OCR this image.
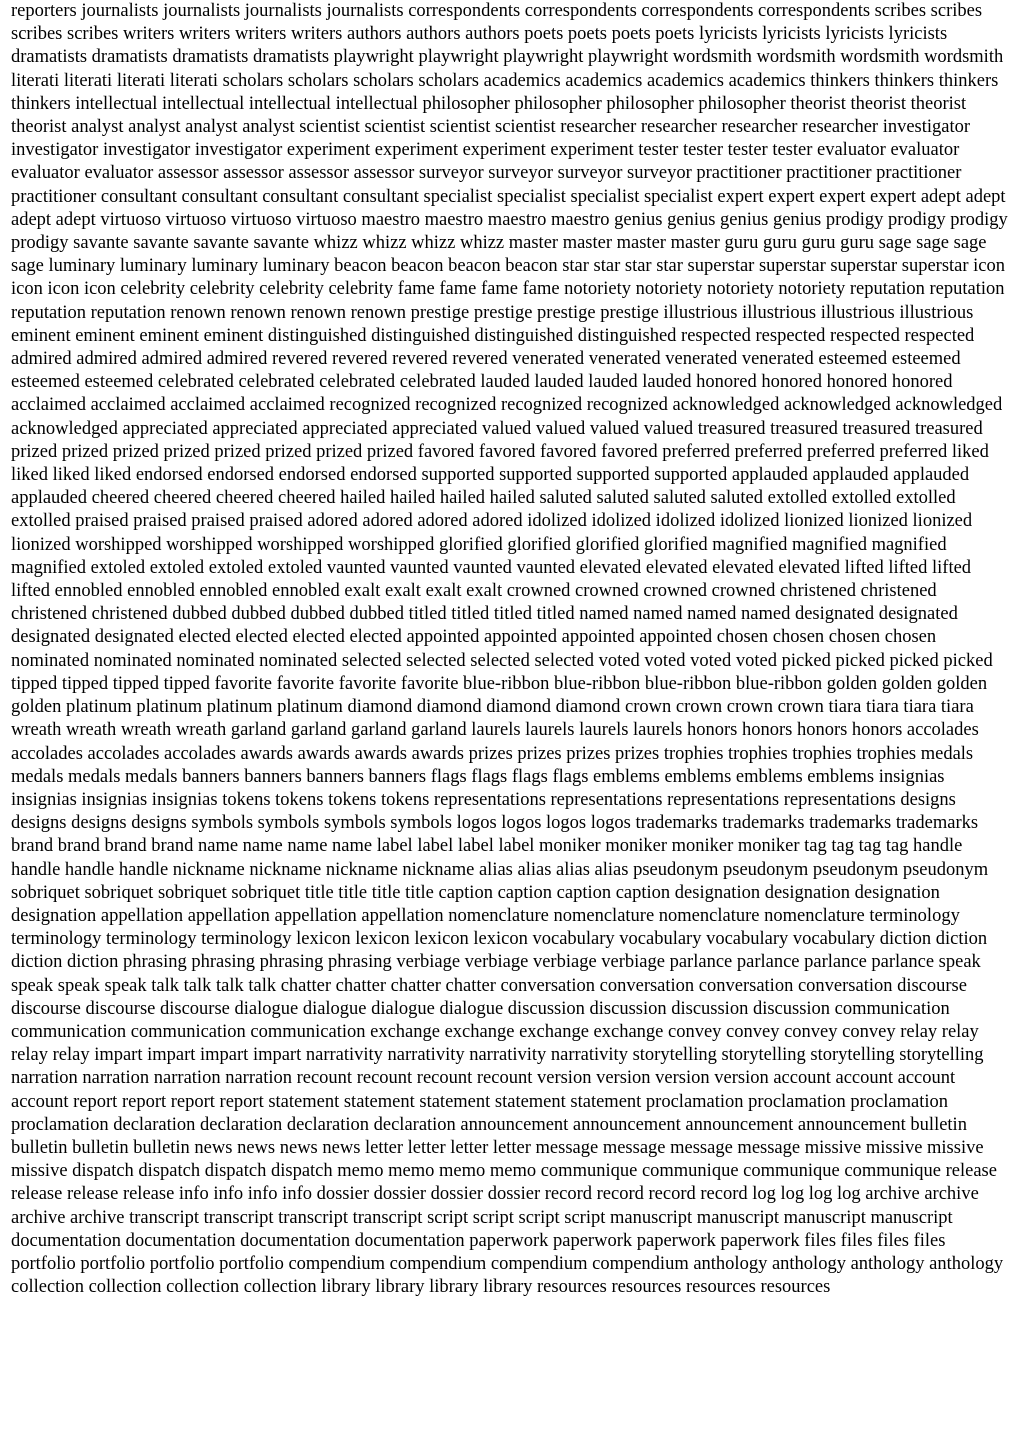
reporters journalists journalists journalists journalists correspondents correspondents correspondents correspondents scribes scribes scribes scribes writers writers writers writers authors authors authors poets poets poets poets lyricists lyricists lyricists lyricists dramatists dramatists dramatists dramatists playwright playwright playwright playwright wordsmith wordsmith wordsmith wordsmith literati literati literati literati scholars scholars scholars scholars academics academics academics academics thinkers thinkers thinkers thinkers intellectual intellectual intellectual intellectual philosopher philosopher philosopher philosopher theorist theorist theorist theorist analyst analyst analyst analyst scientist scientist scientist scientist researcher researcher researcher researcher investigator investigator investigator investigator experiment experiment experiment experiment tester tester tester tester evaluator evaluator evaluator evaluator assessor assessor assessor assessor surveyor surveyor surveyor surveyor practitioner practitioner practitioner practitioner consultant consultant consultant consultant specialist specialist specialist specialist expert expert expert expert adept adept adept adept virtuoso virtuoso virtuoso virtuoso maestro maestro maestro maestro genius genius genius genius prodigy prodigy prodigy prodigy savante savante savante savante whizz whizz whizz whizz master master master master guru guru guru guru sage sage sage sage luminary luminary luminary luminary beacon beacon beacon beacon star star star star superstar superstar superstar superstar icon icon icon icon celebrity celebrity celebrity celebrity fame fame fame fame notoriety notoriety notoriety notoriety reputation reputation reputation reputation renown renown renown renown prestige prestige prestige prestige illustrious illustrious illustrious illustrious eminent eminent eminent eminent distinguished distinguished distinguished distinguished respected respected respected respected admired admired admired admired revered revered revered revered venerated venerated venerated venerated esteemed esteemed esteemed esteemed celebrated celebrated celebrated celebrated lauded lauded lauded lauded honored honored honored honored acclaimed acclaimed acclaimed acclaimed recognized recognized recognized recognized acknowledged acknowledged acknowledged acknowledged appreciated appreciated appreciated appreciated valued valued valued valued treasured treasured treasured treasured prized prized prized prized prized prized prized prized favored favored favored favored preferred preferred preferred preferred liked liked liked liked endorsed endorsed endorsed endorsed supported supported supported supported applauded applauded applauded applauded cheered cheered cheered cheered hailed hailed hailed hailed saluted saluted saluted saluted extolled extolled extolled extolled praised praised praised praised adored adored adored adored idolized idolized idolized idolized lionized lionized lionized lionized worshipped worshipped worshipped worshipped glorified glorified glorified glorified magnified magnified magnified magnified extoled extoled extoled extoled vaunted vaunted vaunted vaunted elevated elevated elevated elevated lifted lifted lifted lifted ennobled ennobled ennobled ennobled exalt exalt exalt exalt crowned crowned crowned crowned christened christened christened christened dubbed dubbed dubbed dubbed titled titled titled titled named named named named designated designated designated designated elected elected elected elected appointed appointed appointed appointed chosen chosen chosen chosen nominated nominated nominated nominated selected selected selected selected voted voted voted voted picked picked picked picked tipped tipped tipped tipped favorite favorite favorite favorite blue-ribbon blue-ribbon blue-ribbon blue-ribbon golden golden golden golden platinum platinum platinum platinum diamond diamond diamond diamond crown crown crown crown tiara tiara tiara tiara wreath wreath wreath wreath garland garland garland garland laurels laurels laurels laurels honors honors honors honors accolades accolades accolades accolades awards awards awards awards prizes prizes prizes prizes trophies trophies trophies trophies medals medals medals medals banners banners banners banners flags flags flags flags emblems emblems emblems emblems insignias insignias insignias insignias tokens tokens tokens tokens representations representations representations representations designs designs designs designs symbols symbols symbols symbols logos logos logos logos trademarks trademarks trademarks trademarks brand brand brand brand name name name name label label label label moniker moniker moniker moniker tag tag tag tag handle handle handle handle nickname nickname nickname nickname alias alias alias alias pseudonym pseudonym pseudonym pseudonym sobriquet sobriquet sobriquet sobriquet title title title title caption caption caption caption designation designation designation designation appellation appellation appellation appellation nomenclature nomenclature nomenclature nomenclature terminology terminology terminology terminology lexicon lexicon lexicon lexicon vocabulary vocabulary vocabulary vocabulary diction diction diction diction phrasing phrasing phrasing phrasing verbiage verbiage verbiage verbiage parlance parlance parlance parlance speak speak speak speak talk talk talk talk chatter chatter chatter chatter conversation conversation conversation conversation discourse discourse discourse discourse dialogue dialogue dialogue dialogue discussion discussion discussion discussion communication communication communication communication exchange exchange exchange exchange convey convey convey convey relay relay relay relay impart impart impart impart narrativity narrativity narrativity narrativity storytelling storytelling storytelling storytelling narration narration narration narration recount recount recount recount version version version version account account account account report report report report statement statement statement statement statement proclamation proclamation proclamation proclamation declaration declaration declaration declaration announcement announcement announcement announcement bulletin bulletin bulletin bulletin news news news news letter letter letter letter message message message message missive missive missive missive dispatch dispatch dispatch dispatch memo memo memo memo communique communique communique communique release release release release info info info info dossier dossier dossier dossier record record record record log log log log archive archive archive archive transcript transcript transcript transcript script script script script manuscript manuscript manuscript manuscript documentation documentation documentation documentation paperwork paperwork paperwork paperwork files files files files portfolio portfolio portfolio portfolio compendium compendium compendium compendium anthology anthology anthology anthology collection collection collection collection library library library library resources resources resources resources
